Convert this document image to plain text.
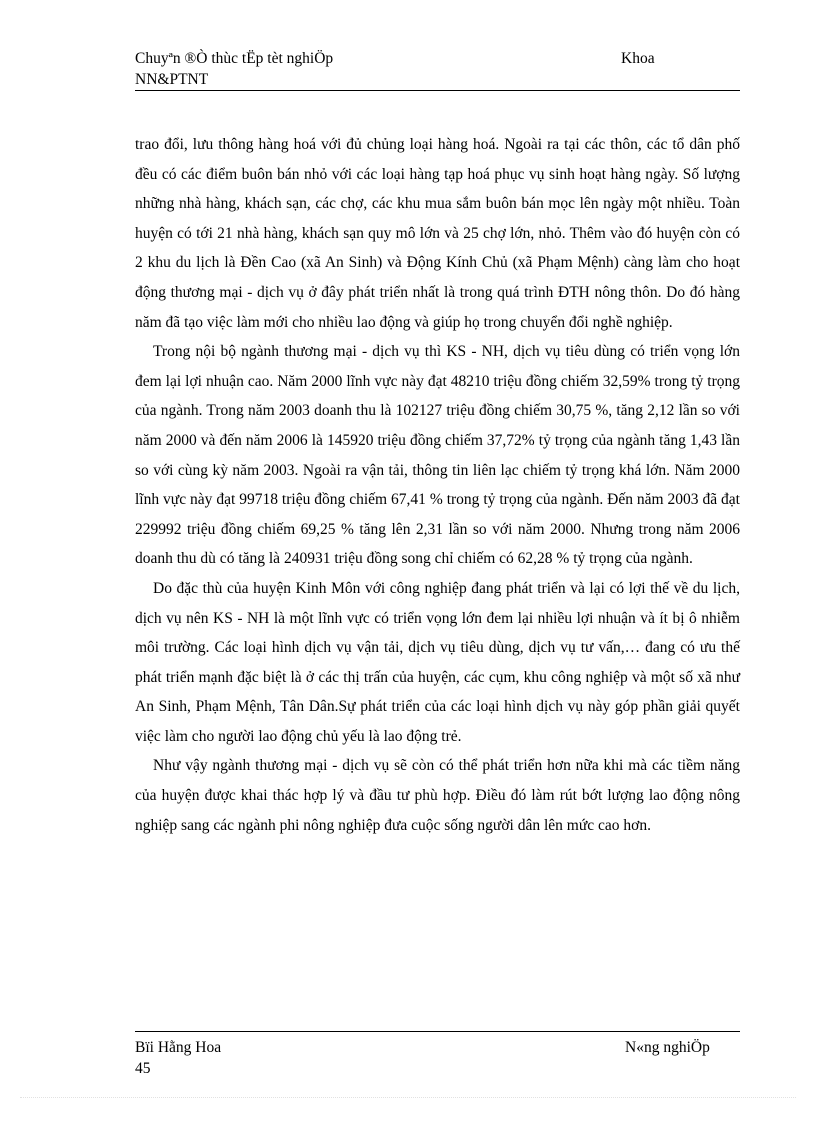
Chuyªn ®Ò thùc tËp tèt nghiÖp	Khoa
NN&PTNT

trao đổi, lưu thông hàng hoá với đủ chủng loại hàng hoá. Ngoài ra tại các thôn, các tổ dân phố đều có các điểm buôn bán nhỏ với các loại hàng tạp hoá phục vụ sinh hoạt hàng ngày. Số lượng những nhà hàng, khách sạn, các chợ, các khu mua sắm buôn bán mọc lên ngày một nhiều. Toàn huyện có tới 21 nhà hàng, khách sạn quy mô lớn và 25 chợ lớn, nhỏ. Thêm vào đó huyện còn có 2 khu du lịch là Đền Cao (xã An Sinh) và Động Kính Chủ (xã Phạm Mệnh) càng làm cho hoạt động thương mại - dịch vụ ở đây phát triển nhất là trong quá trình ĐTH nông thôn. Do đó hàng năm đã tạo việc làm mới cho nhiều lao động và giúp họ trong chuyển đổi nghề nghiệp.

Trong nội bộ ngành thương mại - dịch vụ thì KS - NH, dịch vụ tiêu dùng có triển vọng lớn đem lại lợi nhuận cao. Năm 2000 lĩnh vực này đạt 48210 triệu đồng chiếm 32,59% trong tỷ trọng của ngành. Trong năm 2003 doanh thu là 102127 triệu đồng chiếm 30,75 %, tăng 2,12 lần so với năm 2000 và đến năm 2006 là 145920 triệu đồng chiếm 37,72% tỷ trọng của ngành tăng 1,43 lần so với cùng kỳ năm 2003. Ngoài ra vận tải, thông tin liên lạc chiếm tỷ trọng khá lớn. Năm 2000 lĩnh vực này đạt 99718 triệu đồng chiếm 67,41 % trong tỷ trọng của ngành. Đến năm 2003 đã đạt 229992 triệu đồng chiếm 69,25 % tăng lên 2,31 lần so với năm 2000. Nhưng trong năm 2006 doanh thu dù có tăng là 240931 triệu đồng song chỉ chiếm có 62,28 % tỷ trọng của ngành.

Do đặc thù của huyện Kinh Môn với công nghiệp đang phát triển và lại có lợi thế về du lịch, dịch vụ nên KS - NH là một lĩnh vực có triển vọng lớn đem lại nhiều lợi nhuận và ít bị ô nhiễm môi trường. Các loại hình dịch vụ vận tải, dịch vụ tiêu dùng, dịch vụ tư vấn,… đang có ưu thế phát triển mạnh đặc biệt là ở các thị trấn của huyện, các cụm, khu công nghiệp và một số xã như An Sinh, Phạm Mệnh, Tân Dân.Sự phát triển của các loại hình dịch vụ này góp phần giải quyết việc làm cho người lao động chủ yếu là lao động trẻ.

Như vậy ngành thương mại - dịch vụ sẽ còn có thể phát triển hơn nữa khi mà các tiềm năng của huyện được khai thác hợp lý và đầu tư phù hợp. Điều đó làm rút bớt lượng lao động nông nghiệp sang các ngành phi nông nghiệp đưa cuộc sống người dân lên mức cao hơn.

Bïi Hằng Hoa	N«ng nghiÖp
45
